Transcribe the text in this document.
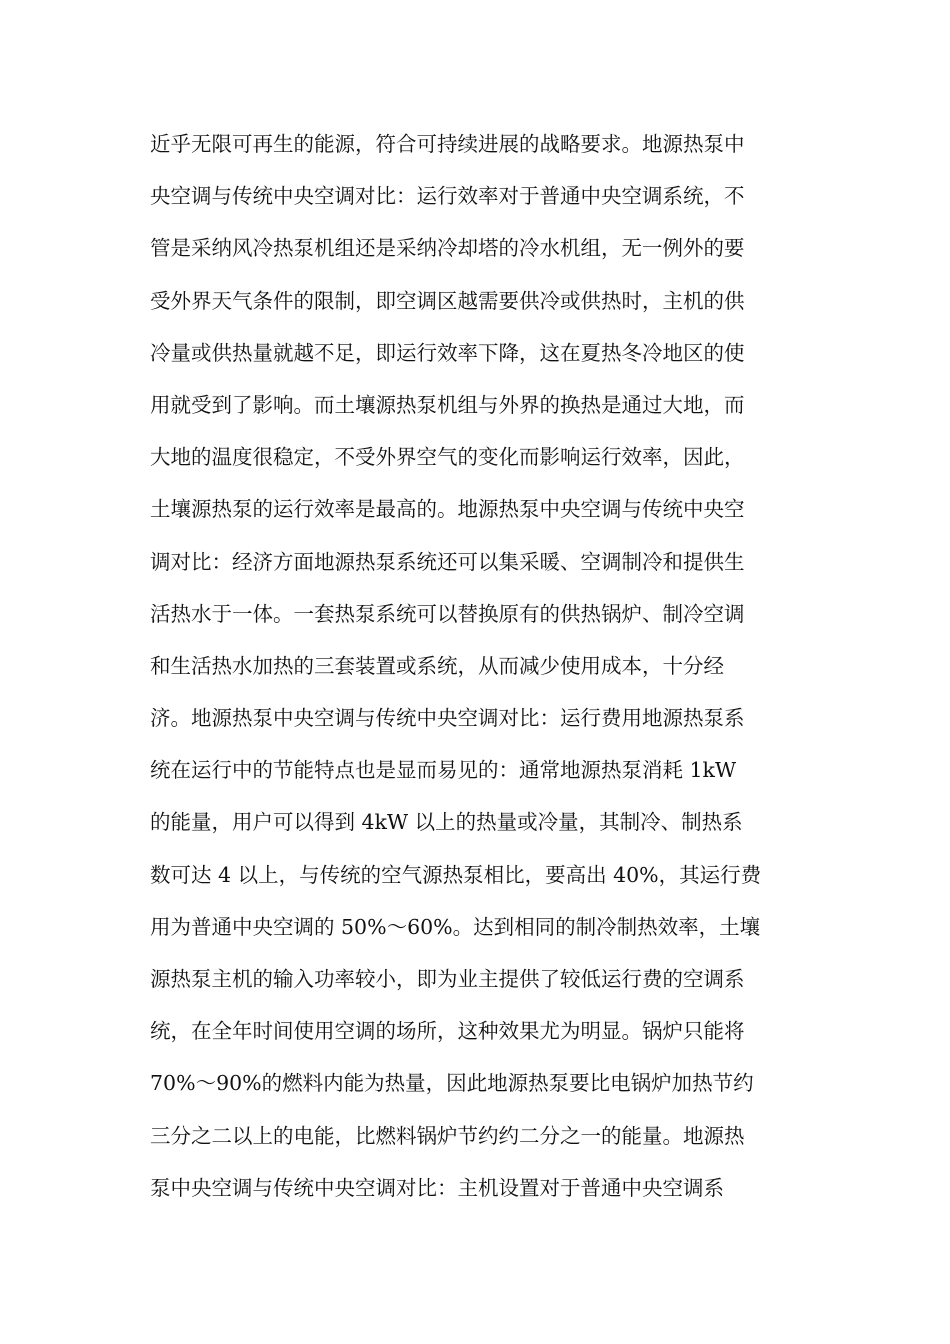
近乎无限可再生的能源，符合可持续进展的战略要求。地源热泵中
央空调与传统中央空调对比：运行效率对于普通中央空调系统，不
管是采纳风冷热泵机组还是采纳冷却塔的冷水机组，无一例外的要
受外界天气条件的限制，即空调区越需要供冷或供热时，主机的供
冷量或供热量就越不足，即运行效率下降，这在夏热冬冷地区的使
用就受到了影响。而土壤源热泵机组与外界的换热是通过大地，而
大地的温度很稳定，不受外界空气的变化而影响运行效率，因此，
土壤源热泵的运行效率是最高的。地源热泵中央空调与传统中央空
调对比：经济方面地源热泵系统还可以集采暖、空调制冷和提供生
活热水于一体。一套热泵系统可以替换原有的供热锅炉、制冷空调
和生活热水加热的三套装置或系统，从而减少使用成本，十分经
济。地源热泵中央空调与传统中央空调对比：运行费用地源热泵系
统在运行中的节能特点也是显而易见的：通常地源热泵消耗 1kW
的能量，用户可以得到 4kW 以上的热量或冷量，其制冷、制热系
数可达 4 以上，与传统的空气源热泵相比，要高出 40%，其运行费
用为普通中央空调的 50%～60%。达到相同的制冷制热效率，土壤
源热泵主机的输入功率较小，即为业主提供了较低运行费的空调系
统，在全年时间使用空调的场所，这种效果尤为明显。锅炉只能将
70%～90%的燃料内能为热量，因此地源热泵要比电锅炉加热节约
三分之二以上的电能，比燃料锅炉节约约二分之一的能量。地源热
泵中央空调与传统中央空调对比：主机设置对于普通中央空调系
